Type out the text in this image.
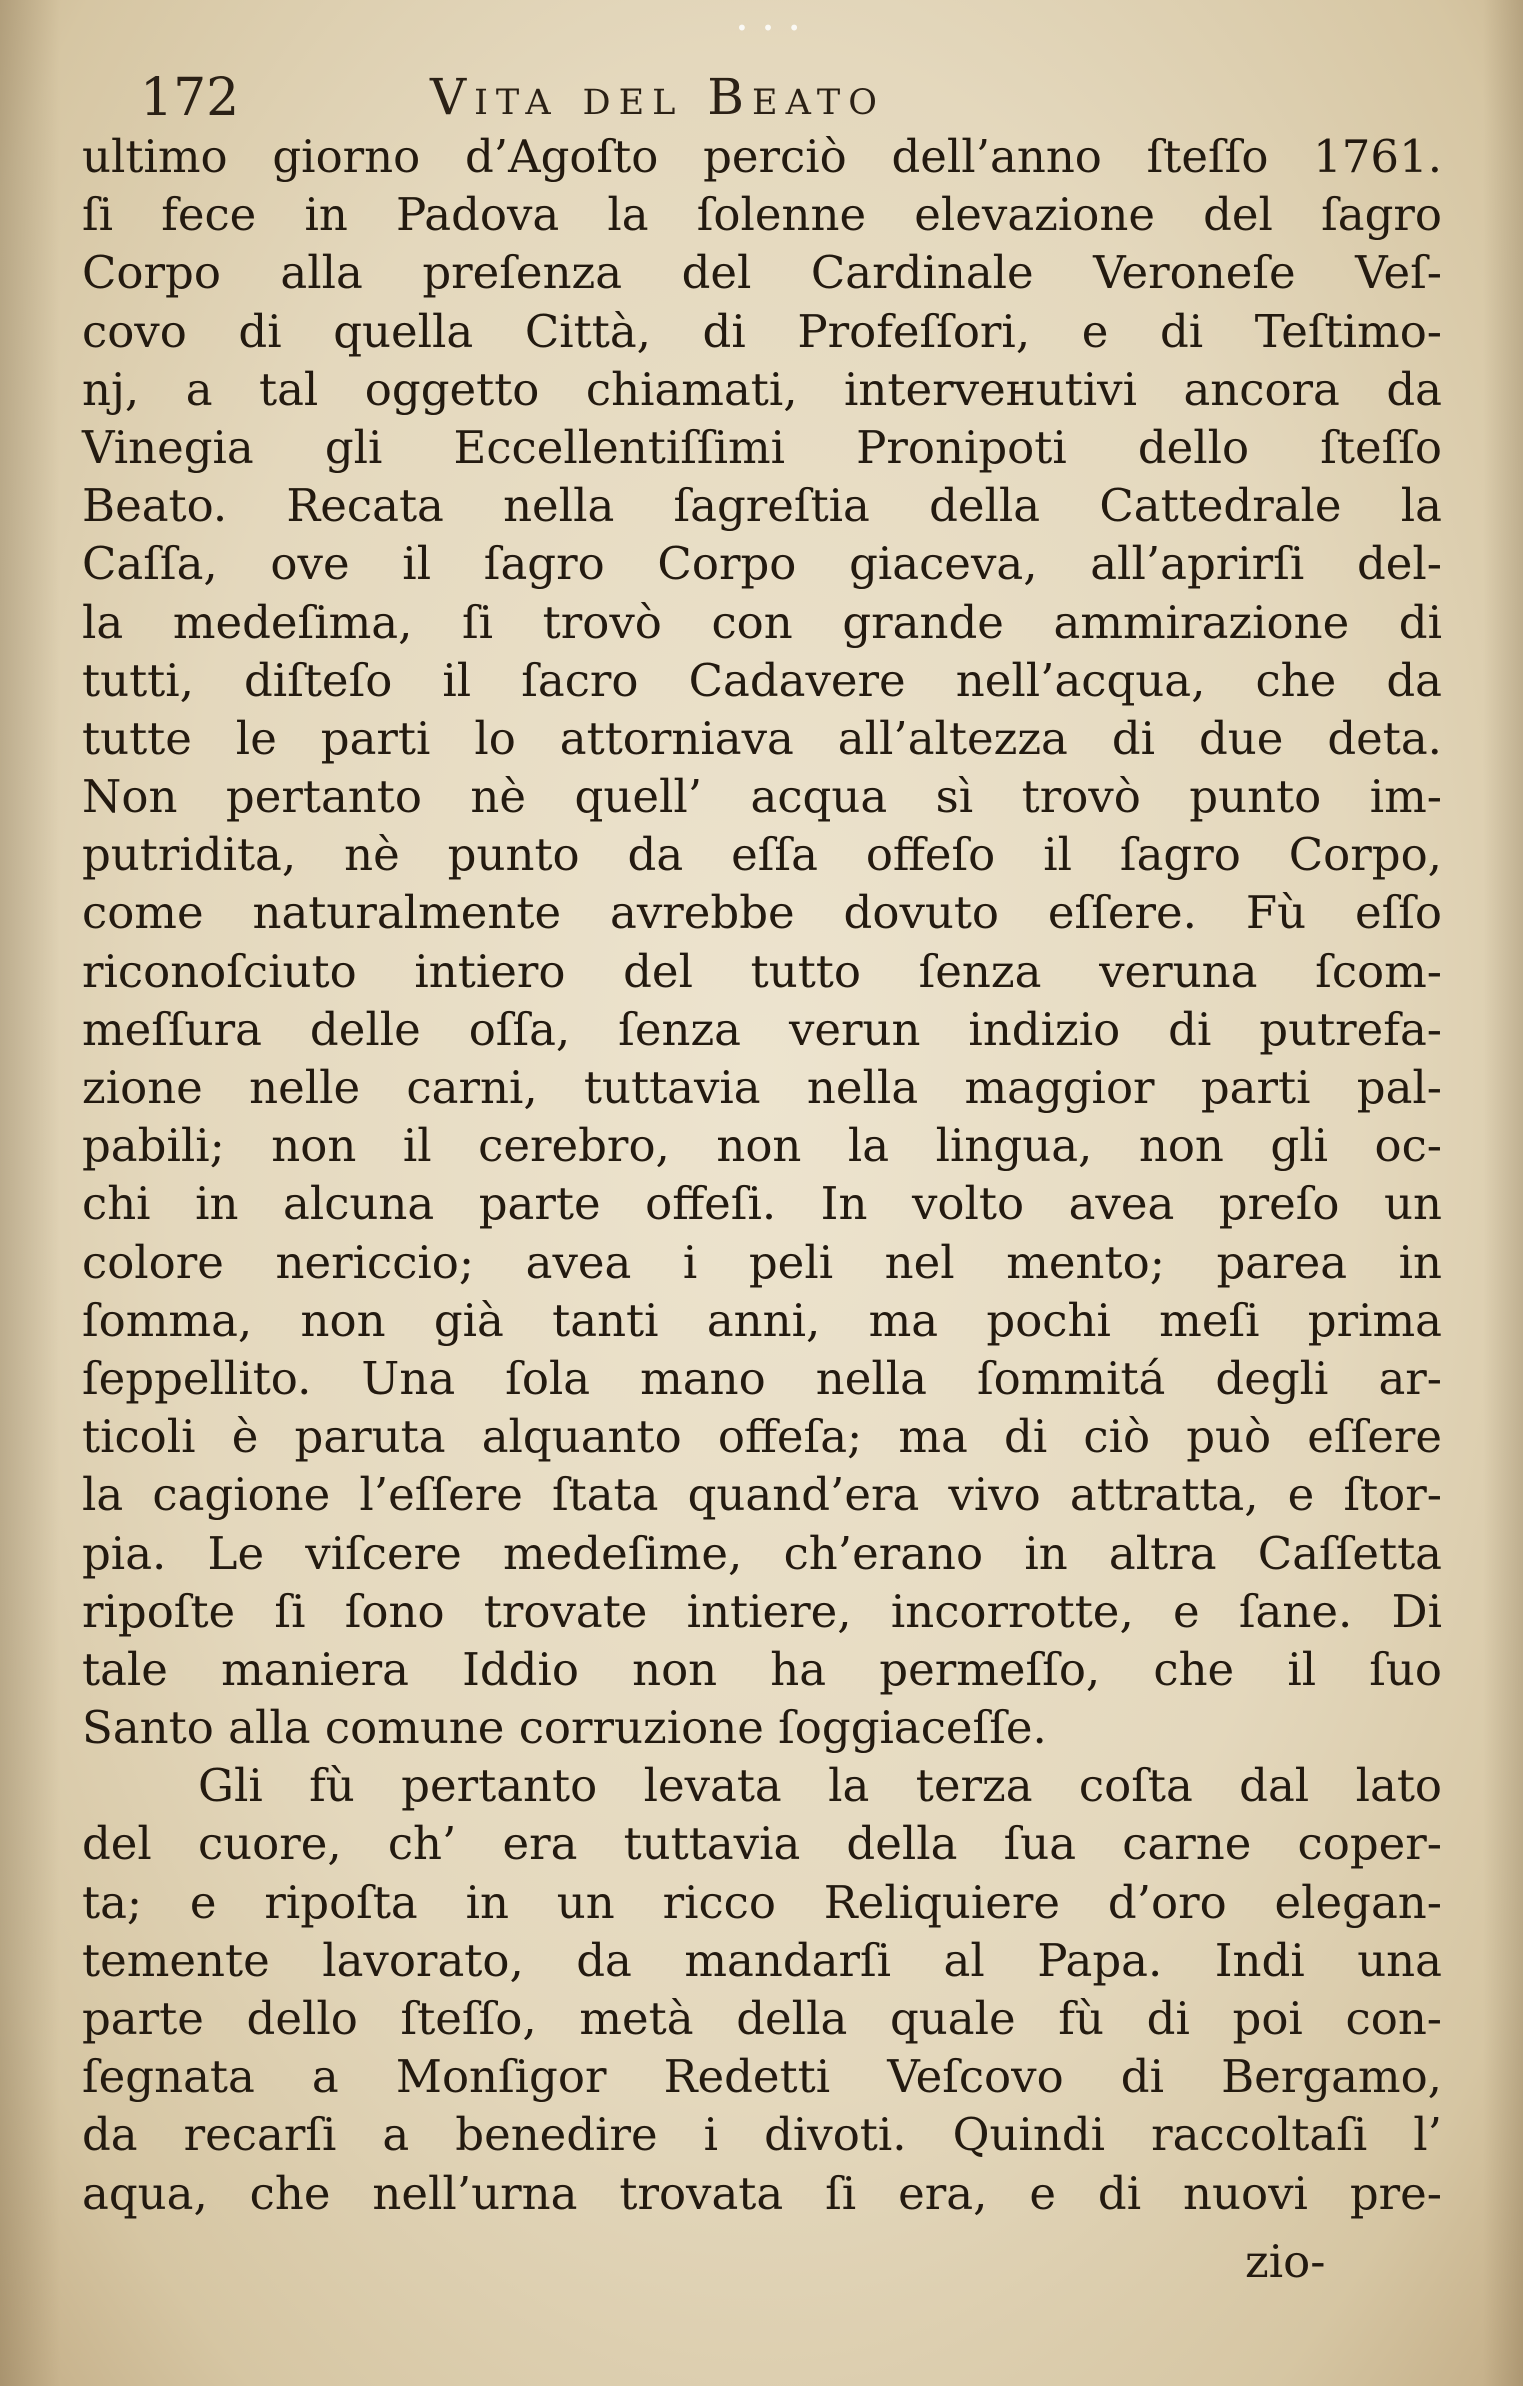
• • •
172	Vita del Beato
ultimo giorno d’Agoſto perciò dell’anno ſteſſo 1761.
ſi fece in Padova la ſolenne elevazione del ſagro
Corpo alla preſenza del Cardinale Veroneſe Veſ-
covo di quella Città, di Profeſſori, e di Teſtimo-
nj, a tal oggetto chiamati, interveнutivi ancora da
Vinegia gli Eccellentiſſimi Pronipoti dello ſteſſo
Beato. Recata nella ſagreſtia della Cattedrale la
Caſſa, ove il ſagro Corpo giaceva, all’aprirſi del-
la medeſima, ſi trovò con grande ammirazione di
tutti, diſteſo il ſacro Cadavere nell’acqua, che da
tutte le parti lo attorniava all’altezza di due deta.
Non pertanto nè quell’ acqua sì trovò punto im-
putridita, nè punto da eſſa offeſo il ſagro Corpo,
come naturalmente avrebbe dovuto eſſere. Fù eſſo
riconoſciuto intiero del tutto ſenza veruna ſcom-
meſſura delle oſſa, ſenza verun indizio di putrefa-
zione nelle carni, tuttavia nella maggior parti pal-
pabili; non il cerebro, non la lingua, non gli oc-
chi in alcuna parte offeſi. In volto avea preſo un
colore nericcio; avea i peli nel mento; parea in
ſomma, non già tanti anni, ma pochi meſi prima
ſeppellito. Una ſola mano nella ſommitá degli ar-
ticoli è paruta alquanto offeſa; ma di ciò può eſſere
la cagione l’eſſere ſtata quand’era vivo attratta, e ſtor-
pia. Le viſcere medeſime, ch’erano in altra Caſſetta
ripoſte ſi ſono trovate intiere, incorrotte, e ſane. Di
tale maniera Iddio non ha permeſſo, che il ſuo
Santo alla comune corruzione ſoggiaceſſe.
Gli fù pertanto levata la terza coſta dal lato
del cuore, ch’ era tuttavia della ſua carne coper-
ta; e ripoſta in un ricco Reliquiere d’oro elegan-
temente lavorato, da mandarſi al Papa. Indi una
parte dello ſteſſo, metà della quale fù di poi con-
ſegnata a Monſigor Redetti Veſcovo di Bergamo,
da recarſi a benedire i divoti. Quindi raccoltaſi l’
aqua, che nell’urna trovata ſi era, e di nuovi pre-
zio-
